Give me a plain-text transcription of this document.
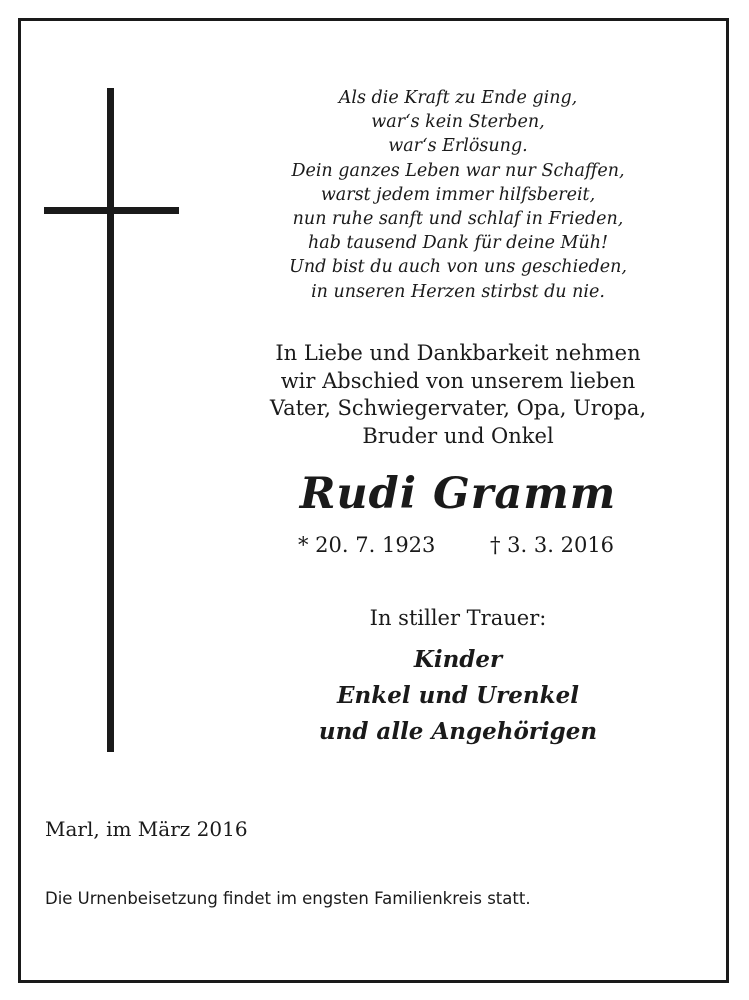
Als die Kraft zu Ende ging,
war‘s kein Sterben,
war‘s Erlösung.
Dein ganzes Leben war nur Schaffen,
warst jedem immer hilfsbereit,
nun ruhe sanft und schlaf in Frieden,
hab tausend Dank für deine Müh!
Und bist du auch von uns geschieden,
in unseren Herzen stirbst du nie.
In Liebe und Dankbarkeit nehmen
wir Abschied von unserem lieben
Vater, Schwiegervater, Opa, Uropa,
Bruder und Onkel
Rudi Gramm
* 20. 7. 1923	† 3. 3. 2016
In stiller Trauer:
Kinder
Enkel und Urenkel
und alle Angehörigen
Marl, im März 2016
Die Urnenbeisetzung findet im engsten Familienkreis statt.
